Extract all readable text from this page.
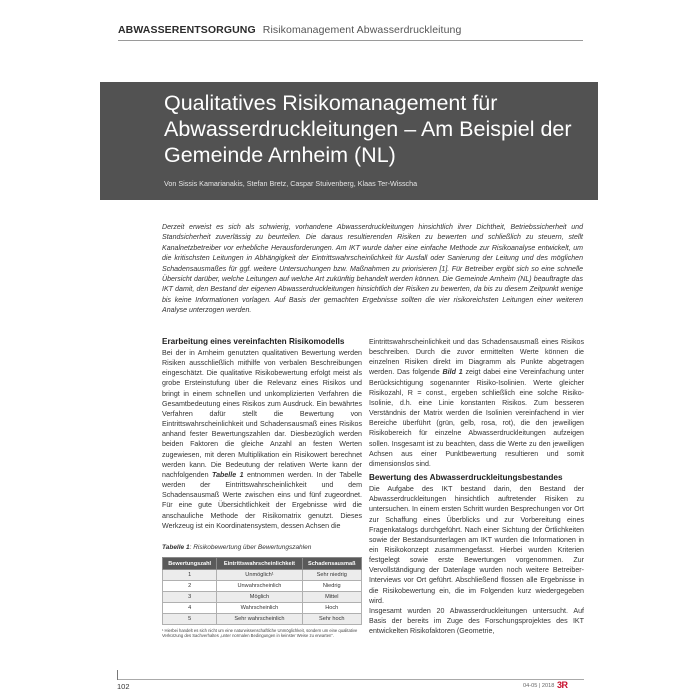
ABWASSERENTSORGUNG Risikomanagement Abwasserdruckleitung
Qualitatives Risikomanagement für Abwasserdruckleitungen – Am Beispiel der Gemeinde Arnheim (NL)
Von Sissis Kamarianakis, Stefan Bretz, Caspar Stuivenberg, Klaas Ter-Wisscha
Derzeit erweist es sich als schwierig, vorhandene Abwasserdruckleitungen hinsichtlich ihrer Dichtheit, Betriebssicherheit und Standsicherheit zuverlässig zu beurteilen. Die daraus resultierenden Risiken zu bewerten und schließlich zu steuern, stellt Kanalnetzbetreiber vor erhebliche Herausforderungen. Am IKT wurde daher eine einfache Methode zur Risikoanalyse entwickelt, um die kritischsten Leitungen in Abhängigkeit der Eintrittswahrscheinlichkeit für Ausfall oder Sanierung der Leitung und des möglichen Schadensausmaßes für ggf. weitere Untersuchungen bzw. Maßnahmen zu priorisieren [1]. Für Betreiber ergibt sich so eine schnelle Übersicht darüber, welche Leitungen auf welche Art zukünftig behandelt werden können. Die Gemeinde Arnheim (NL) beauftragte das IKT damit, den Bestand der eigenen Abwasserdruckleitungen hinsichtlich der Risiken zu bewerten, da bis zu diesem Zeitpunkt wenige bis keine Informationen vorlagen. Auf Basis der gemachten Ergebnisse sollten die vier risikoreichsten Leitungen einer weiteren Analyse unterzogen werden.
Erarbeitung eines vereinfachten Risikomodells

Bei der in Arnheim genutzten qualitativen Bewertung werden Risiken ausschließlich mithilfe von verbalen Beschreibungen eingeschätzt. Die qualitative Risikobewertung erfolgt meist als grobe Ersteinstufung über die Relevanz eines Risikos und bringt in einem schnellen und unkomplizierten Verfahren die Gesamtbedeutung eines Risikos zum Ausdruck. Ein bewährtes Verfahren dafür stellt die Bewertung von Eintrittswahrscheinlichkeit und Schadensausmaß eines Risikos anhand fester Bewertungszahlen dar. Diesbezüglich werden beiden Faktoren die gleiche Anzahl an festen Werten zugewiesen, mit deren Multiplikation ein Risikowert berechnet werden kann. Die Bedeutung der relativen Werte kann der nachfolgenden Tabelle 1 entnommen werden. In der Tabelle werden der Eintrittswahrscheinlichkeit und dem Schadensausmaß Werte zwischen eins und fünf zugeordnet. Für eine gute Übersichtlichkeit der Ergebnisse wird die anschauliche Methode der Risikomatrix genutzt. Dieses Werkzeug ist ein Koordinatensystem, dessen Achsen die

Tabelle 1: Risikobewertung über Bewertungszahlen
Bewertungszahl	Eintrittswahrscheinlichkeit	Schadensausmaß
1	Unmöglich¹	Sehr niedrig
2	Unwahrscheinlich	Niedrig
3	Möglich	Mittel
4	Wahrscheinlich	Hoch
5	Sehr wahrscheinlich	Sehr hoch
¹ Hierbei handelt es sich nicht um eine naturwissenschaftliche Unmöglichkeit, sondern um eine qualitative Verkürzung des Sachverhaltes „unter normalen Bedingungen in keinster Weise zu erwarten“.

Eintrittswahrscheinlichkeit und das Schadensausmaß eines Risikos beschreiben. Durch die zuvor ermittelten Werte können die einzelnen Risiken direkt im Diagramm als Punkte abgetragen werden. Das folgende Bild 1 zeigt dabei eine Vereinfachung unter Berücksichtigung sogenannter Risiko-Isolinien. Werte gleicher Risikozahl, R = const., ergeben schließlich eine solche Risiko-Isolinie, d.h. eine Linie konstanten Risikos. Zum besseren Verständnis der Matrix werden die Isolinien vereinfachend in vier Bereiche überführt (grün, gelb, rosa, rot), die den jeweiligen Risikobereich für einzelne Abwasserdruckleitungen aufzeigen sollen. Insgesamt ist zu beachten, dass die Werte zu den jeweiligen Achsen aus einer Punktbewertung resultieren und somit dimensionslos sind.

Bewertung des Abwasserdruckleitungsbestandes

Die Aufgabe des IKT bestand darin, den Bestand der Abwasserdruckleitungen hinsichtlich auftretender Risiken zu untersuchen. In einem ersten Schritt wurden Besprechungen vor Ort zur Schaffung eines Überblicks und zur Vorbereitung eines Fragenkatalogs durchgeführt. Nach einer Sichtung der Örtlichkeiten sowie der Bestandsunterlagen am IKT wurden die Informationen in ein Risikokonzept zusammengefasst. Hierbei wurden Kriterien festgelegt sowie erste Bewertungen vorgenommen. Zur Vervollständigung der Datenlage wurden noch weitere Betreiber-Interviews vor Ort geführt. Abschließend flossen alle Ergebnisse in die Risikobewertung ein, die im Folgenden kurz wiedergegeben wird.

Insgesamt wurden 20 Abwasserdruckleitungen untersucht. Auf Basis der bereits im Zuge des Forschungsprojektes des IKT entwickelten Risikofaktoren (Geometrie,

102	04-05 | 2018 3R
